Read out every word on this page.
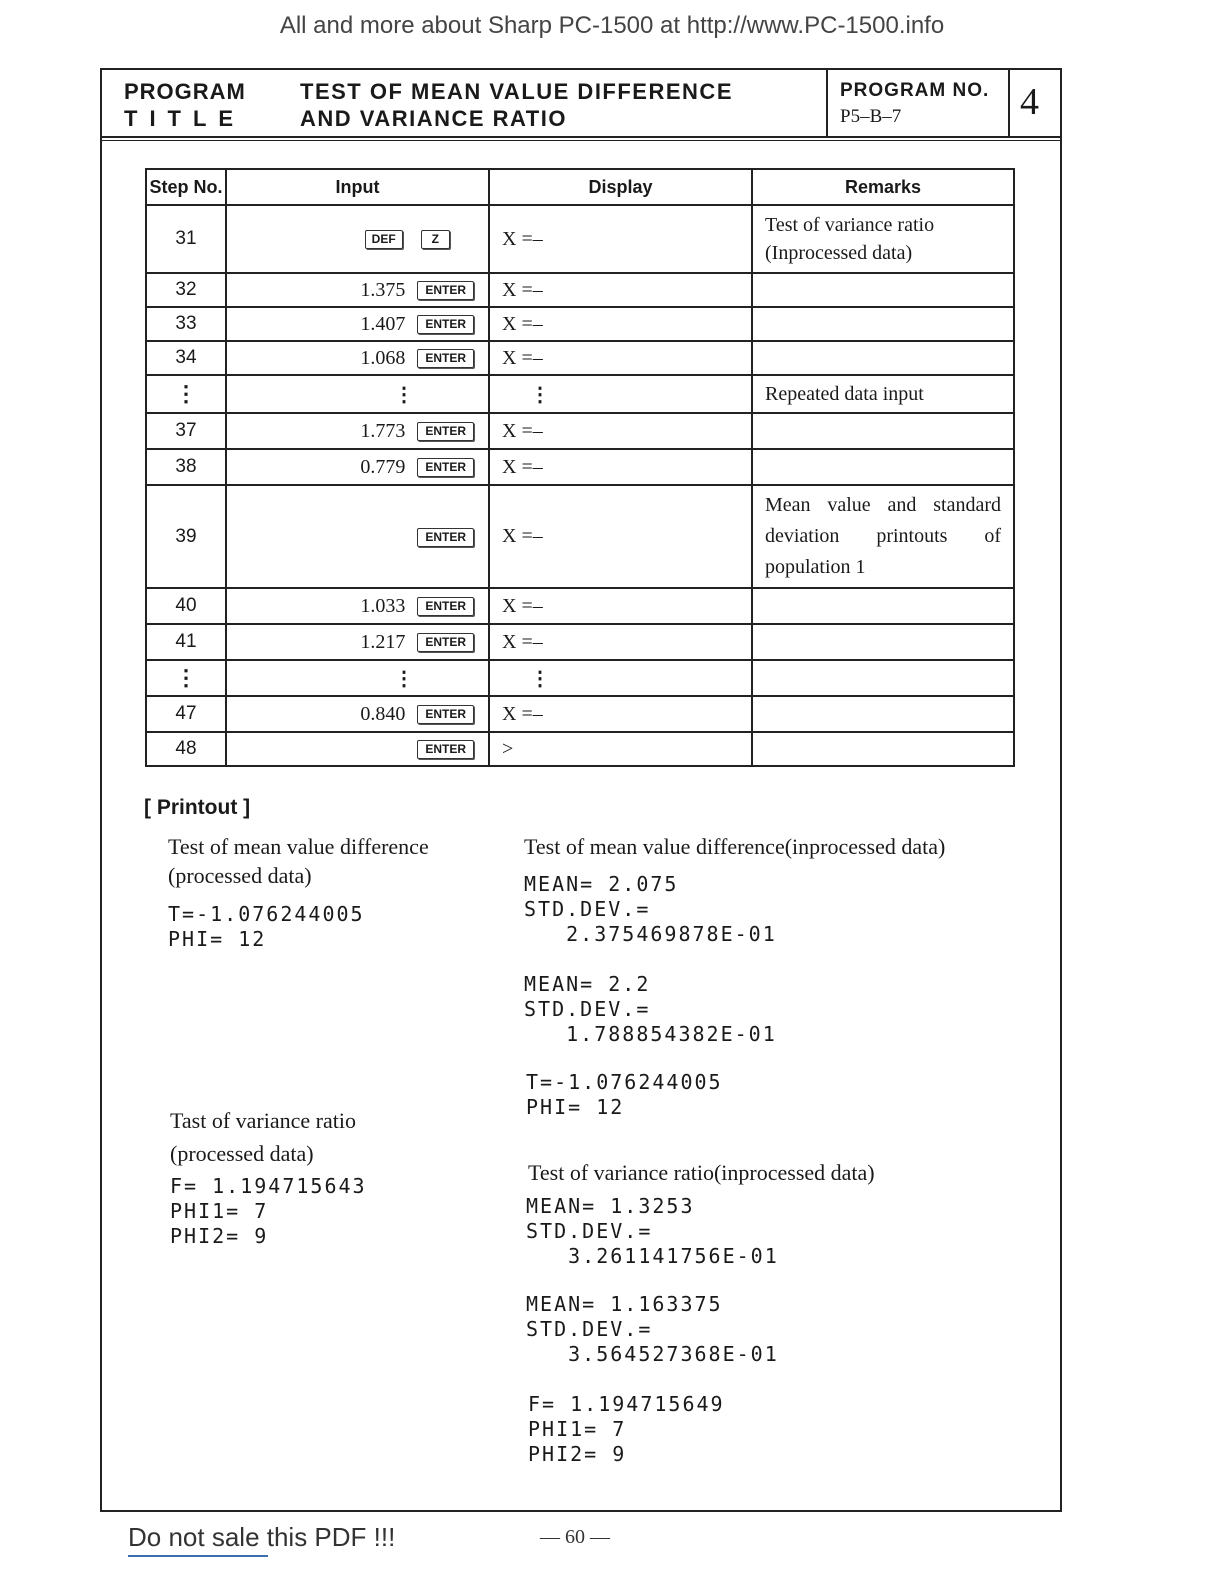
All and more about Sharp PC-1500 at http://www.PC-1500.info
PROGRAM
TITLE
TEST OF MEAN VALUE DIFFERENCE
AND VARIANCE RATIO
PROGRAM NO.
P5–B–7	4
Step No.	Input	Display	Remarks
31	DEF Z	X =–	Test of variance ratio (Inprocessed data)
32	1.375 ENTER	X =–	
33	1.407 ENTER	X =–	
34	1.068 ENTER	X =–	
⋮	⋮	⋮	Repeated data input
37	1.773 ENTER	X =–	
38	0.779 ENTER	X =–	
39	ENTER	X =–	Mean value and standard deviation printouts of population 1
40	1.033 ENTER	X =–	
41	1.217 ENTER	X =–	
⋮	⋮	⋮	
47	0.840 ENTER	X =–	
48	ENTER	>	
[ Printout ]
Test of mean value difference
(processed data)
T=-1.076244005
PHI= 12
Tast of variance ratio
(processed data)
F= 1.194715643
PHI1= 7
PHI2= 9
Test of mean value difference(inprocessed data)
MEAN= 2.075
STD.DEV.=
2.375469878E-01
MEAN= 2.2
STD.DEV.=
1.788854382E-01
T=-1.076244005
PHI= 12
Test of variance ratio(inprocessed data)
MEAN= 1.3253
STD.DEV.=
3.261141756E-01
MEAN= 1.163375
STD.DEV.=
3.564527368E-01
F= 1.194715649
PHI1= 7
PHI2= 9
Do not sale this PDF !!!	— 60 —
